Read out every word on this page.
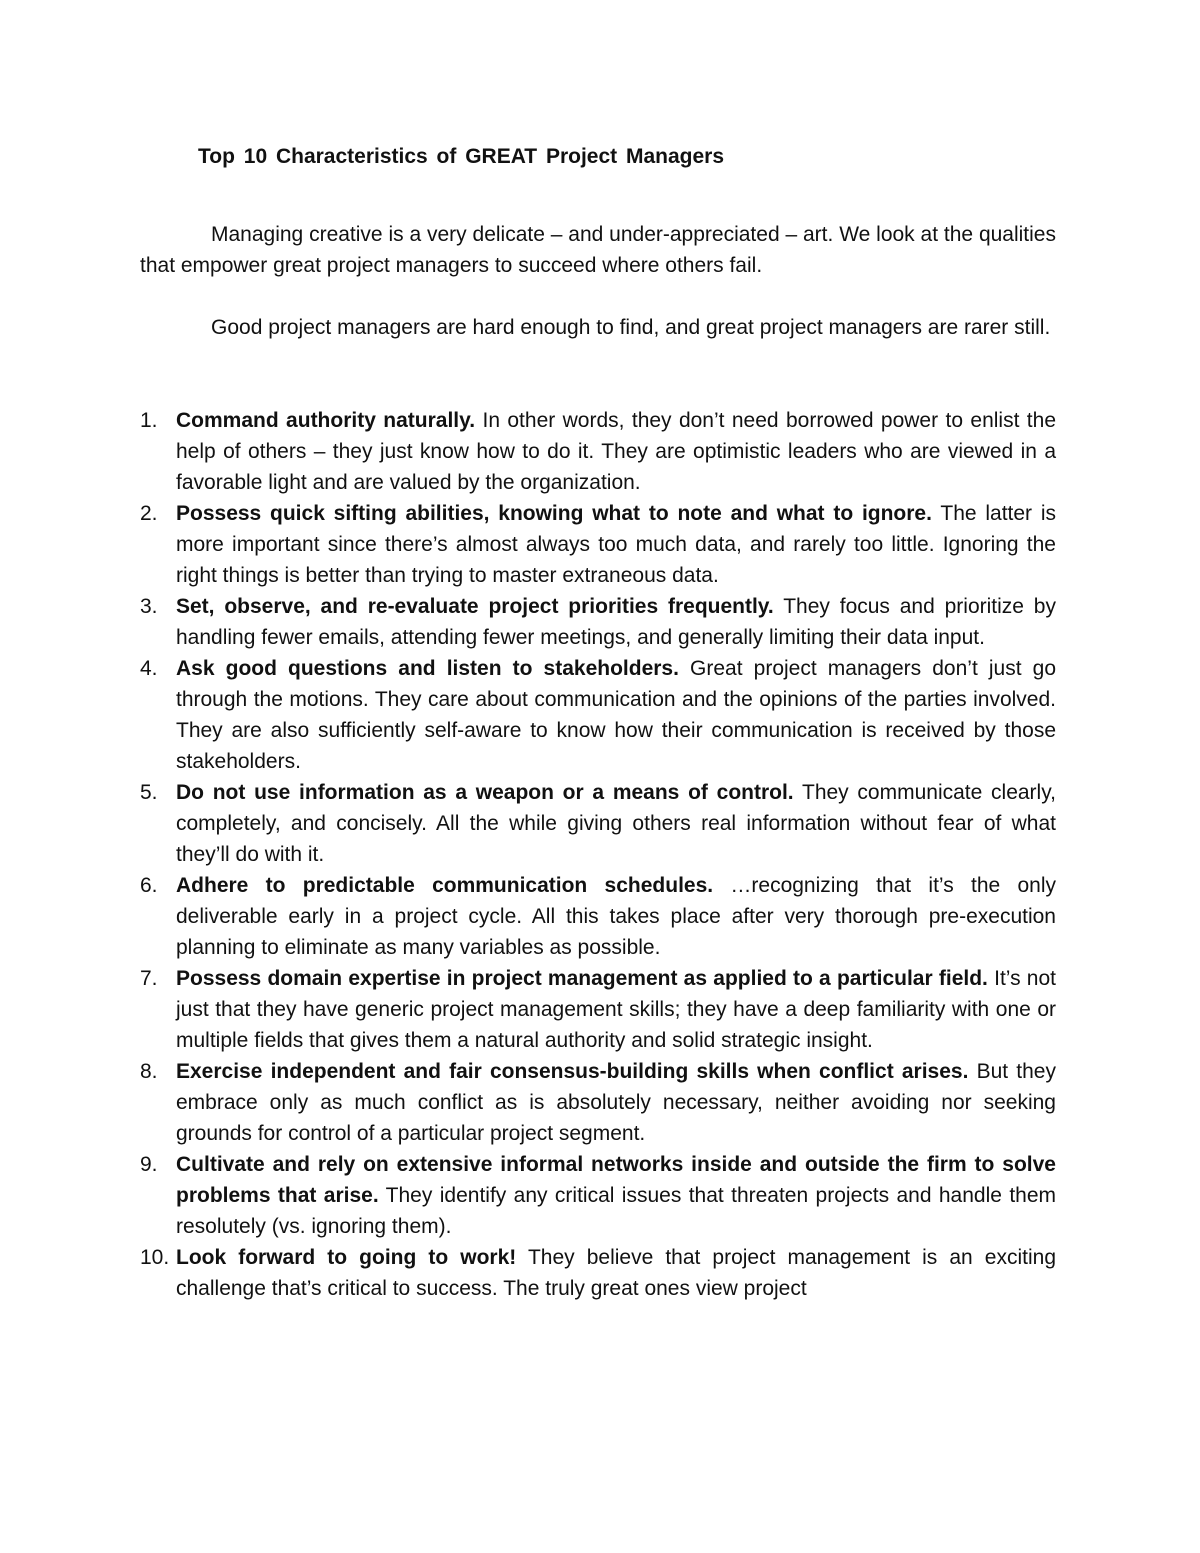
Top 10 Characteristics of GREAT Project Managers

Managing creative is a very delicate – and under-appreciated – art. We look at the qualities that empower great project managers to succeed where others fail.

Good project managers are hard enough to find, and great project managers are rarer still.

1. Command authority naturally. In other words, they don’t need borrowed power to enlist the help of others – they just know how to do it. They are optimistic leaders who are viewed in a favorable light and are valued by the organization.
2. Possess quick sifting abilities, knowing what to note and what to ignore. The latter is more important since there’s almost always too much data, and rarely too little. Ignoring the right things is better than trying to master extraneous data.
3. Set, observe, and re-evaluate project priorities frequently. They focus and prioritize by handling fewer emails, attending fewer meetings, and generally limiting their data input.
4. Ask good questions and listen to stakeholders. Great project managers don’t just go through the motions. They care about communication and the opinions of the parties involved. They are also sufficiently self-aware to know how their communication is received by those stakeholders.
5. Do not use information as a weapon or a means of control. They communicate clearly, completely, and concisely. All the while giving others real information without fear of what they’ll do with it.
6. Adhere to predictable communication schedules. …recognizing that it’s the only deliverable early in a project cycle. All this takes place after very thorough pre-execution planning to eliminate as many variables as possible.
7. Possess domain expertise in project management as applied to a particular field. It’s not just that they have generic project management skills; they have a deep familiarity with one or multiple fields that gives them a natural authority and solid strategic insight.
8. Exercise independent and fair consensus-building skills when conflict arises. But they embrace only as much conflict as is absolutely necessary, neither avoiding nor seeking grounds for control of a particular project segment.
9. Cultivate and rely on extensive informal networks inside and outside the firm to solve problems that arise. They identify any critical issues that threaten projects and handle them resolutely (vs. ignoring them).
10. Look forward to going to work! They believe that project management is an exciting challenge that’s critical to success. The truly great ones view project
